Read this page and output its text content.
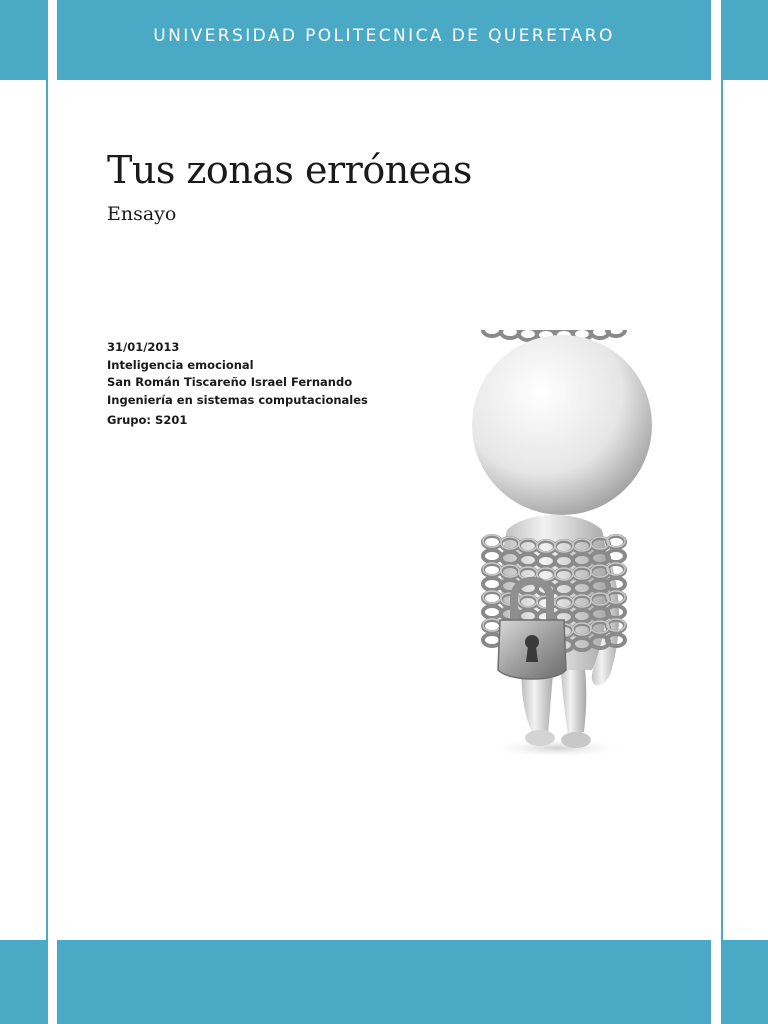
UNIVERSIDAD POLITECNICA DE QUERETARO
Tus zonas erróneas
Ensayo
31/01/2013
Inteligencia emocional
San Román Tiscareño Israel Fernando
Ingeniería en sistemas computacionales
Grupo: S201
